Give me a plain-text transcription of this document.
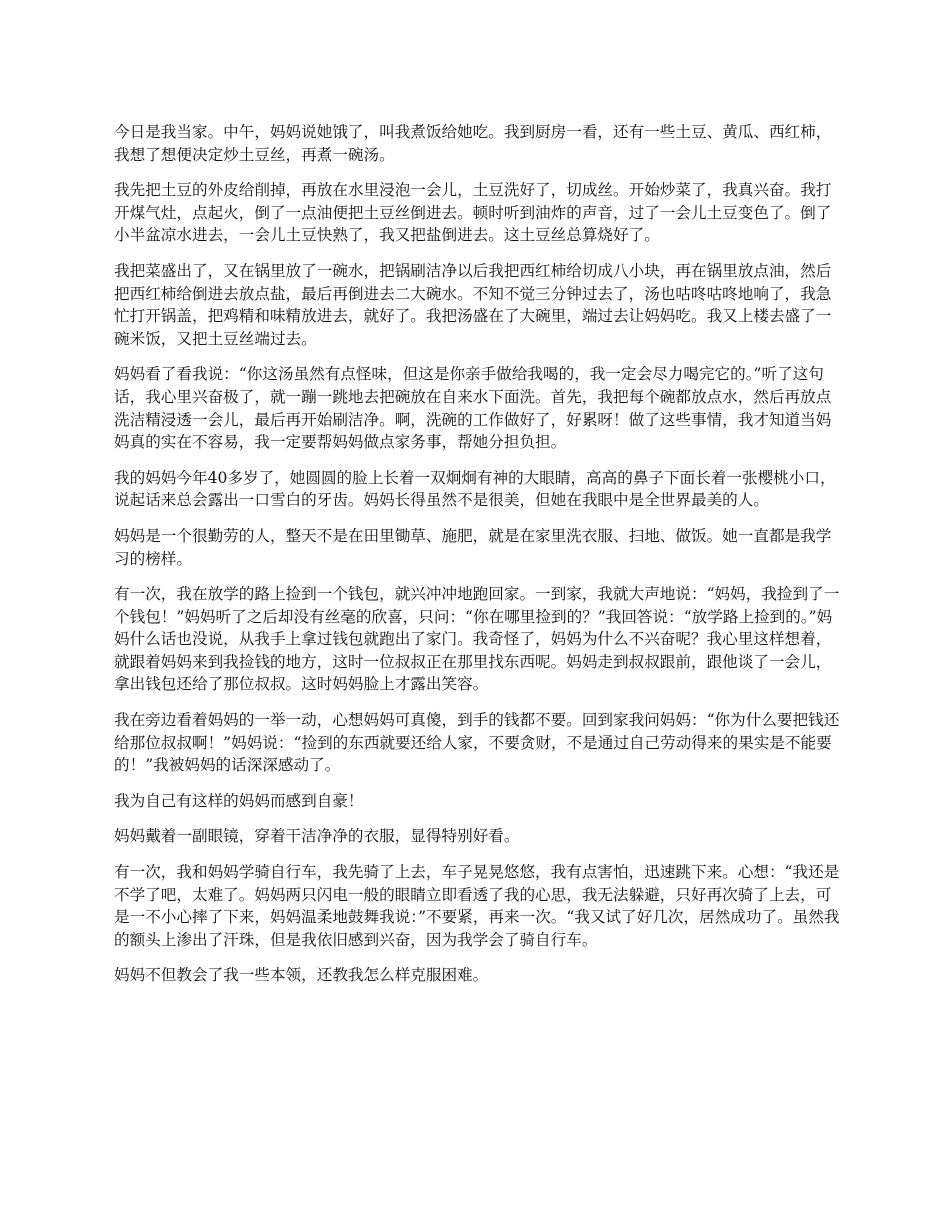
今日是我当家。中午，妈妈说她饿了，叫我煮饭给她吃。我到厨房一看，还有一些土豆、黄瓜、西红柿，我想了想便决定炒土豆丝，再煮一碗汤。

我先把土豆的外皮给削掉，再放在水里浸泡一会儿，土豆洗好了，切成丝。开始炒菜了，我真兴奋。我打开煤气灶，点起火，倒了一点油便把土豆丝倒进去。顿时听到油炸的声音，过了一会儿土豆变色了。倒了小半盆凉水进去，一会儿土豆快熟了，我又把盐倒进去。这土豆丝总算烧好了。

我把菜盛出了，又在锅里放了一碗水，把锅刷洁净以后我把西红柿给切成八小块，再在锅里放点油，然后把西红柿给倒进去放点盐，最后再倒进去二大碗水。不知不觉三分钟过去了，汤也咕咚咕咚地响了，我急忙打开锅盖，把鸡精和味精放进去，就好了。我把汤盛在了大碗里，端过去让妈妈吃。我又上楼去盛了一碗米饭，又把土豆丝端过去。

妈妈看了看我说：“你这汤虽然有点怪味，但这是你亲手做给我喝的，我一定会尽力喝完它的。”听了这句话，我心里兴奋极了，就一蹦一跳地去把碗放在自来水下面洗。首先，我把每个碗都放点水，然后再放点洗洁精浸透一会儿，最后再开始刷洁净。啊，洗碗的工作做好了，好累呀！做了这些事情，我才知道当妈妈真的实在不容易，我一定要帮妈妈做点家务事，帮她分担负担。

我的妈妈今年40多岁了，她圆圆的脸上长着一双炯炯有神的大眼睛，高高的鼻子下面长着一张樱桃小口，说起话来总会露出一口雪白的牙齿。妈妈长得虽然不是很美，但她在我眼中是全世界最美的人。

妈妈是一个很勤劳的人，整天不是在田里锄草、施肥，就是在家里洗衣服、扫地、做饭。她一直都是我学习的榜样。

有一次，我在放学的路上捡到一个钱包，就兴冲冲地跑回家。一到家，我就大声地说：“妈妈，我捡到了一个钱包！”妈妈听了之后却没有丝毫的欣喜，只问：“你在哪里捡到的？”我回答说：“放学路上捡到的。”妈妈什么话也没说，从我手上拿过钱包就跑出了家门。我奇怪了，妈妈为什么不兴奋呢？我心里这样想着，就跟着妈妈来到我捡钱的地方，这时一位叔叔正在那里找东西呢。妈妈走到叔叔跟前，跟他谈了一会儿，拿出钱包还给了那位叔叔。这时妈妈脸上才露出笑容。

我在旁边看着妈妈的一举一动，心想妈妈可真傻，到手的钱都不要。回到家我问妈妈：“你为什么要把钱还给那位叔叔啊！”妈妈说：“捡到的东西就要还给人家，不要贪财，不是通过自己劳动得来的果实是不能要的！”我被妈妈的话深深感动了。

我为自己有这样的妈妈而感到自豪！

妈妈戴着一副眼镜，穿着干洁净净的衣服，显得特别好看。

有一次，我和妈妈学骑自行车，我先骑了上去，车子晃晃悠悠，我有点害怕，迅速跳下来。心想：“我还是不学了吧，太难了。妈妈两只闪电一般的眼睛立即看透了我的心思，我无法躲避，只好再次骑了上去，可是一不小心摔了下来，妈妈温柔地鼓舞我说：”不要紧，再来一次。“我又试了好几次，居然成功了。虽然我的额头上渗出了汗珠，但是我依旧感到兴奋，因为我学会了骑自行车。

妈妈不但教会了我一些本领，还教我怎么样克服困难。
